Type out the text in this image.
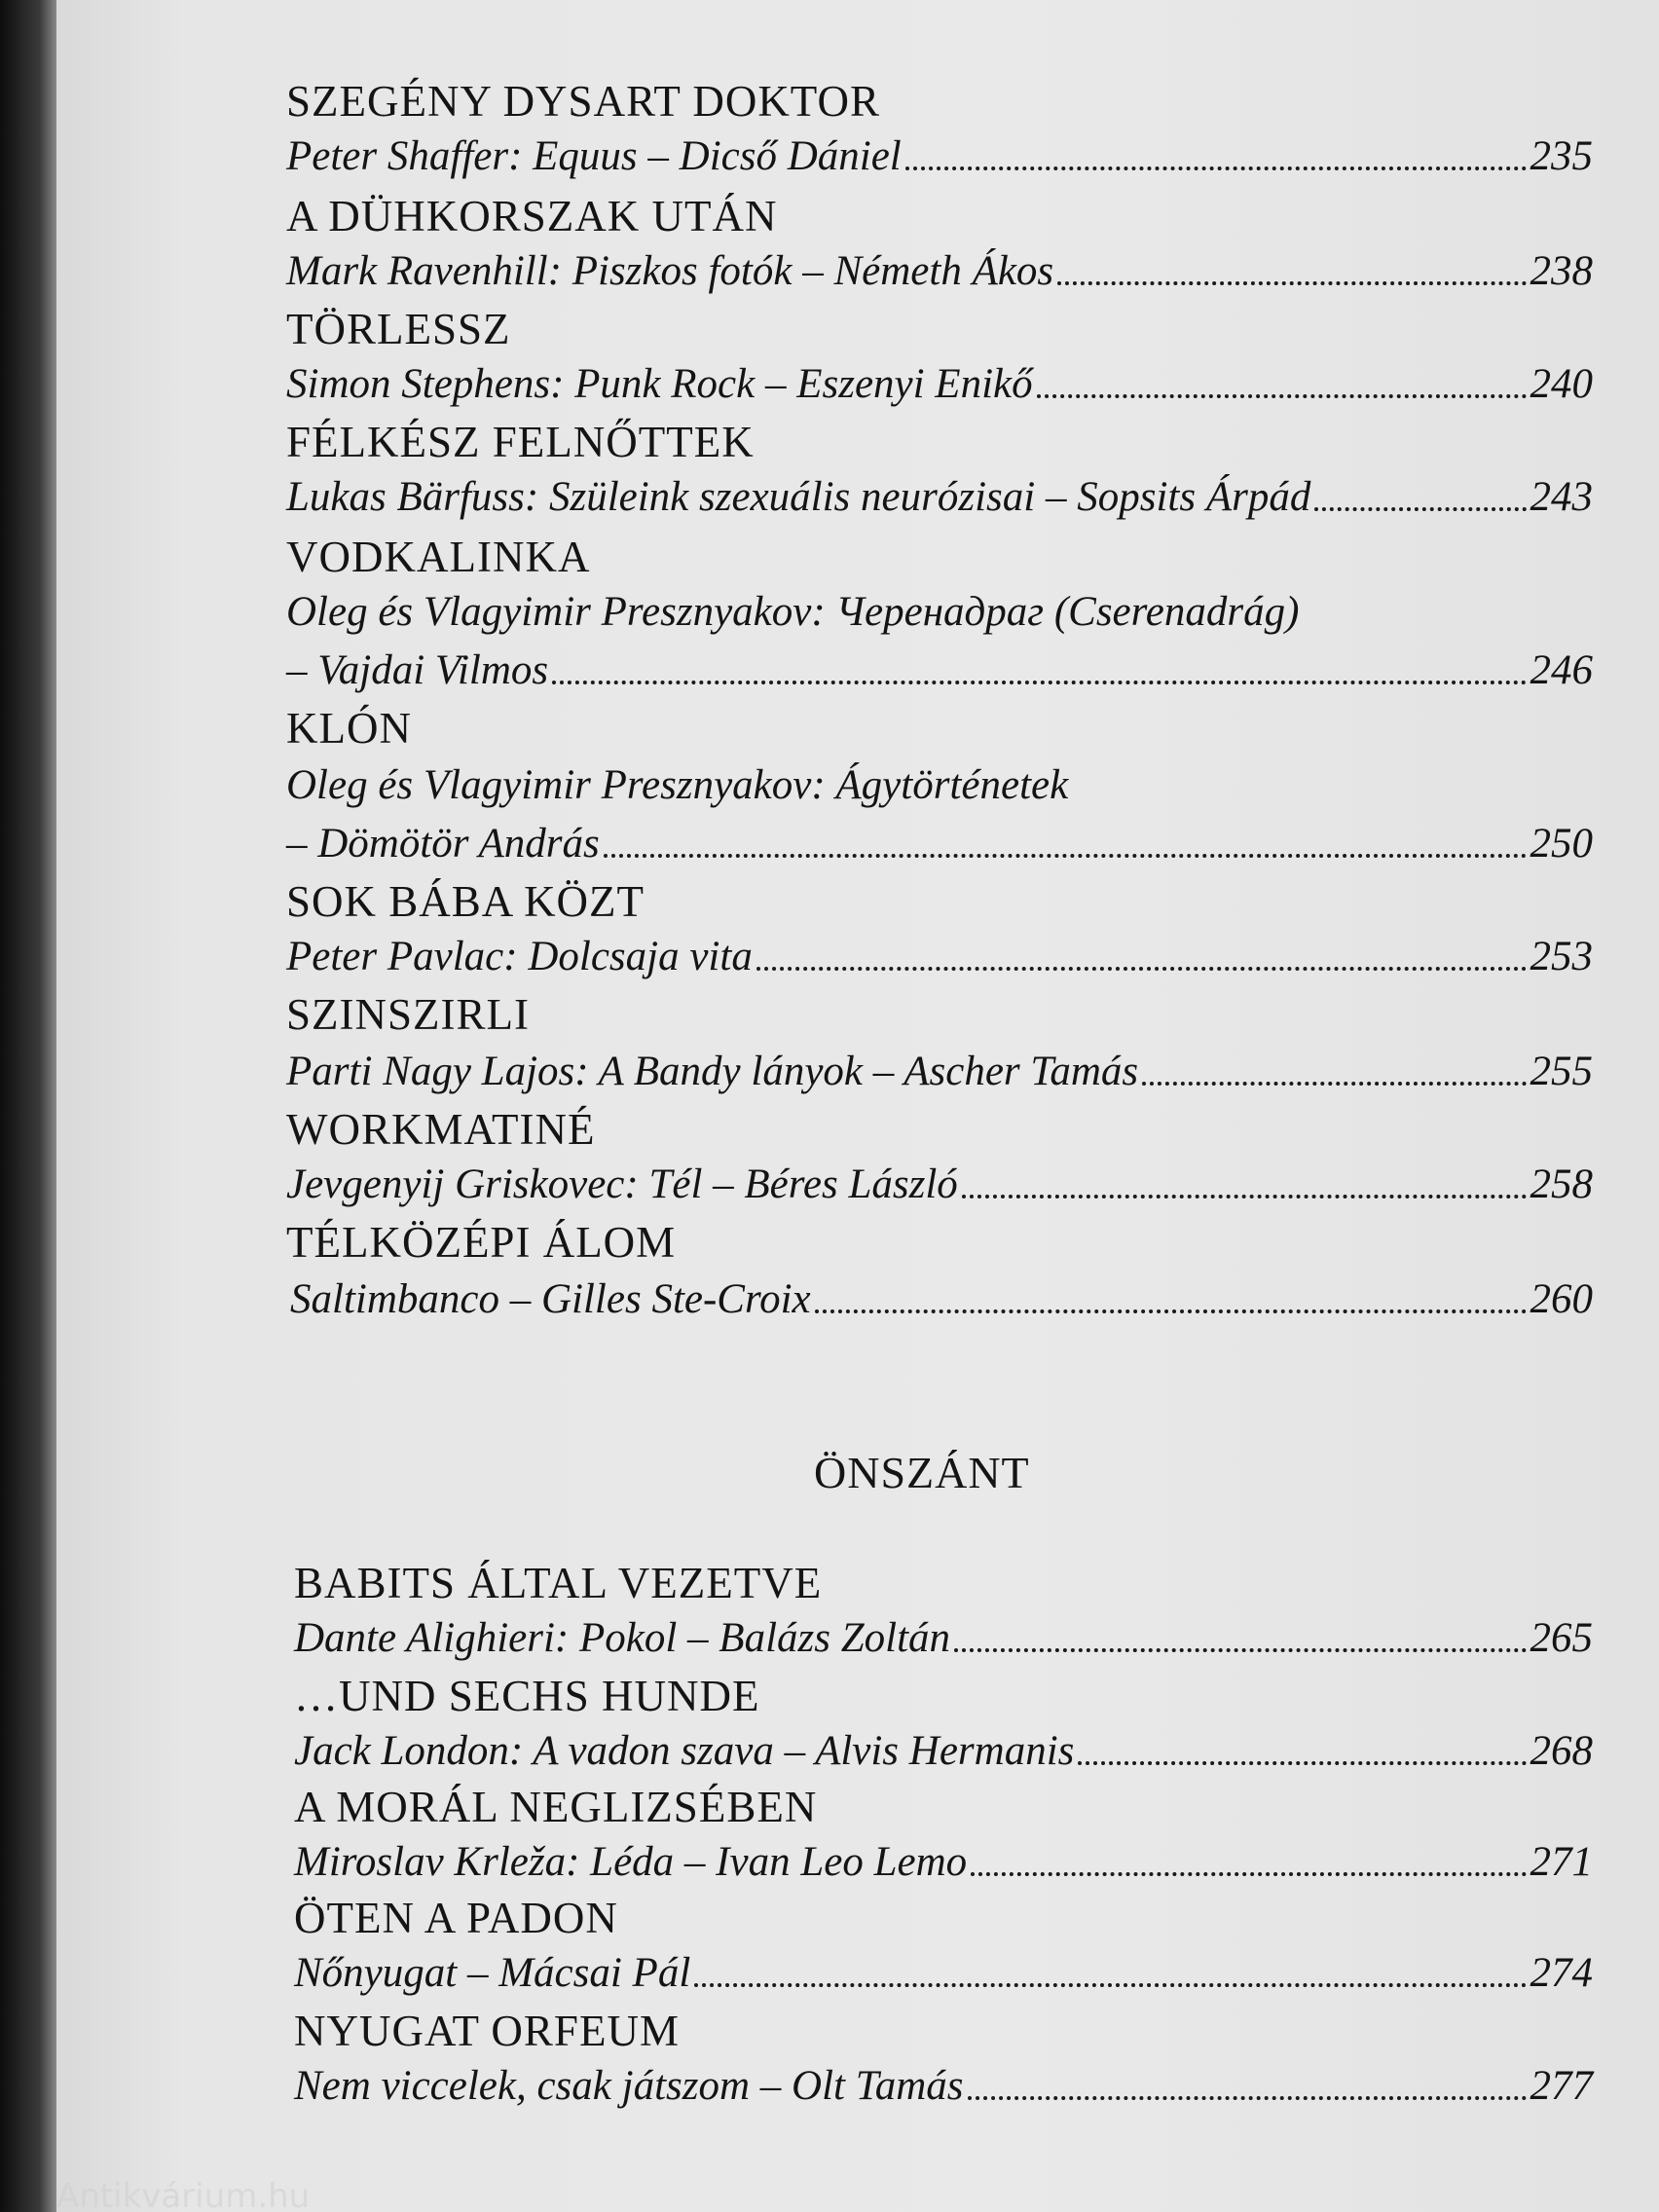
SZEGÉNY DYSART DOKTOR
Peter Shaffer: Equus – Dicső Dániel	235
A DÜHKORSZAK UTÁN
Mark Ravenhill: Piszkos fotók – Németh Ákos	238
TÖRLESSZ
Simon Stephens: Punk Rock – Eszenyi Enikő	240
FÉLKÉSZ FELNŐTTEK
Lukas Bärfuss: Szüleink szexuális neurózisai – Sopsits Árpád	243
VODKALINKA
Oleg és Vlagyimir Presznyakov: Черенадраг (Cserenadrág)
– Vajdai Vilmos	246
KLÓN
Oleg és Vlagyimir Presznyakov: Ágytörténetek
– Dömötör András	250
SOK BÁBA KÖZT
Peter Pavlac: Dolcsaja vita	253
SZINSZIRLI
Parti Nagy Lajos: A Bandy lányok – Ascher Tamás	255
WORKMATINÉ
Jevgenyij Griskovec: Tél – Béres László	258
TÉLKÖZÉPI ÁLOM
Saltimbanco – Gilles Ste-Croix	260
ÖNSZÁNT
BABITS ÁLTAL VEZETVE
Dante Alighieri: Pokol – Balázs Zoltán	265
…UND SECHS HUNDE
Jack London: A vadon szava – Alvis Hermanis	268
A MORÁL NEGLIZSÉBEN
Miroslav Krleža: Léda – Ivan Leo Lemo	271
ÖTEN A PADON
Nőnyugat – Mácsai Pál	274
NYUGAT ORFEUM
Nem viccelek, csak játszom – Olt Tamás	277
Antikvárium.hu
